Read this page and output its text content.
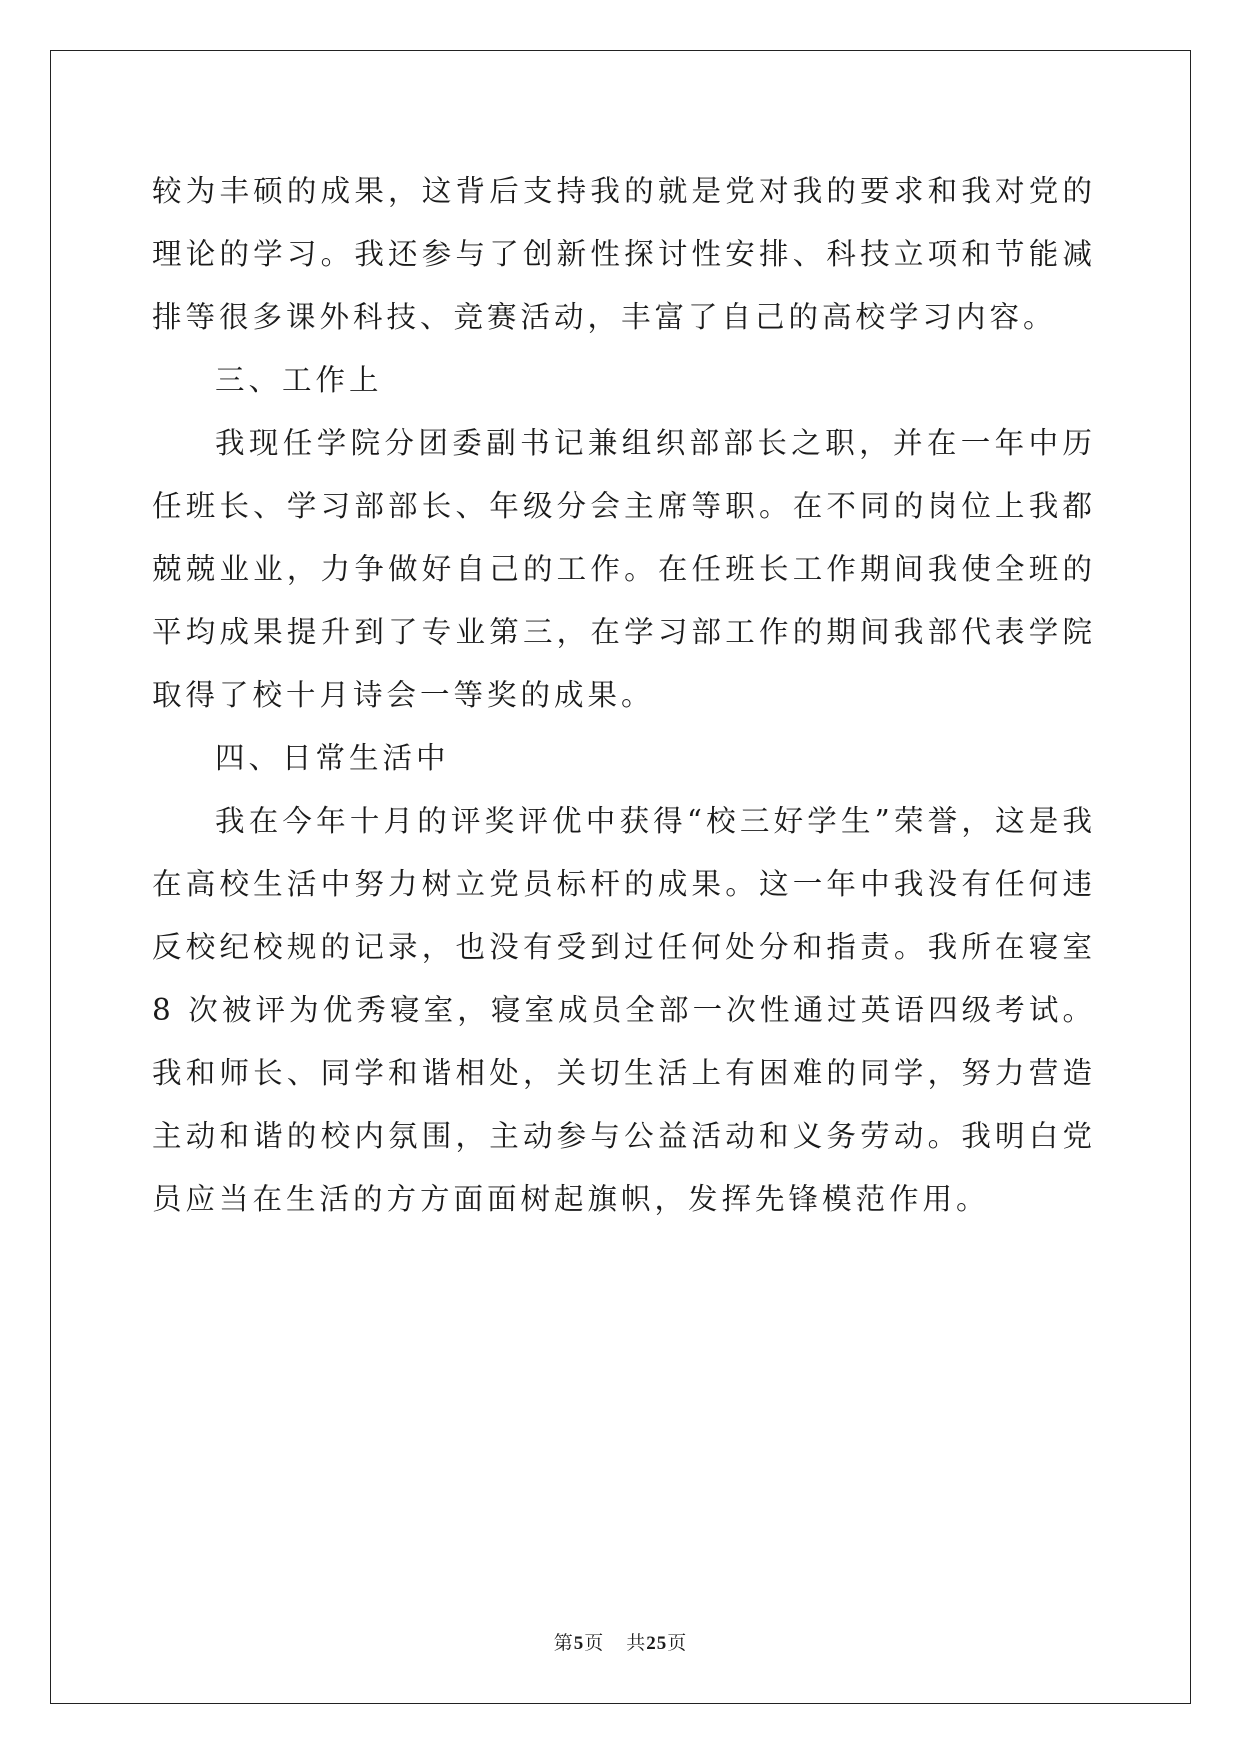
较为丰硕的成果，这背后支持我的就是党对我的要求和我对党的理论的学习。我还参与了创新性探讨性安排、科技立项和节能减排等很多课外科技、竞赛活动，丰富了自己的高校学习内容。

三、工作上

我现任学院分团委副书记兼组织部部长之职，并在一年中历任班长、学习部部长、年级分会主席等职。在不同的岗位上我都兢兢业业，力争做好自己的工作。在任班长工作期间我使全班的平均成果提升到了专业第三，在学习部工作的期间我部代表学院取得了校十月诗会一等奖的成果。

四、日常生活中

我在今年十月的评奖评优中获得“校三好学生”荣誉，这是我在高校生活中努力树立党员标杆的成果。这一年中我没有任何违反校纪校规的记录，也没有受到过任何处分和指责。我所在寝室 8 次被评为优秀寝室，寝室成员全部一次性通过英语四级考试。我和师长、同学和谐相处，关切生活上有困难的同学，努力营造主动和谐的校内氛围，主动参与公益活动和义务劳动。我明白党员应当在生活的方方面面树起旗帜，发挥先锋模范作用。

第5页 共25页
